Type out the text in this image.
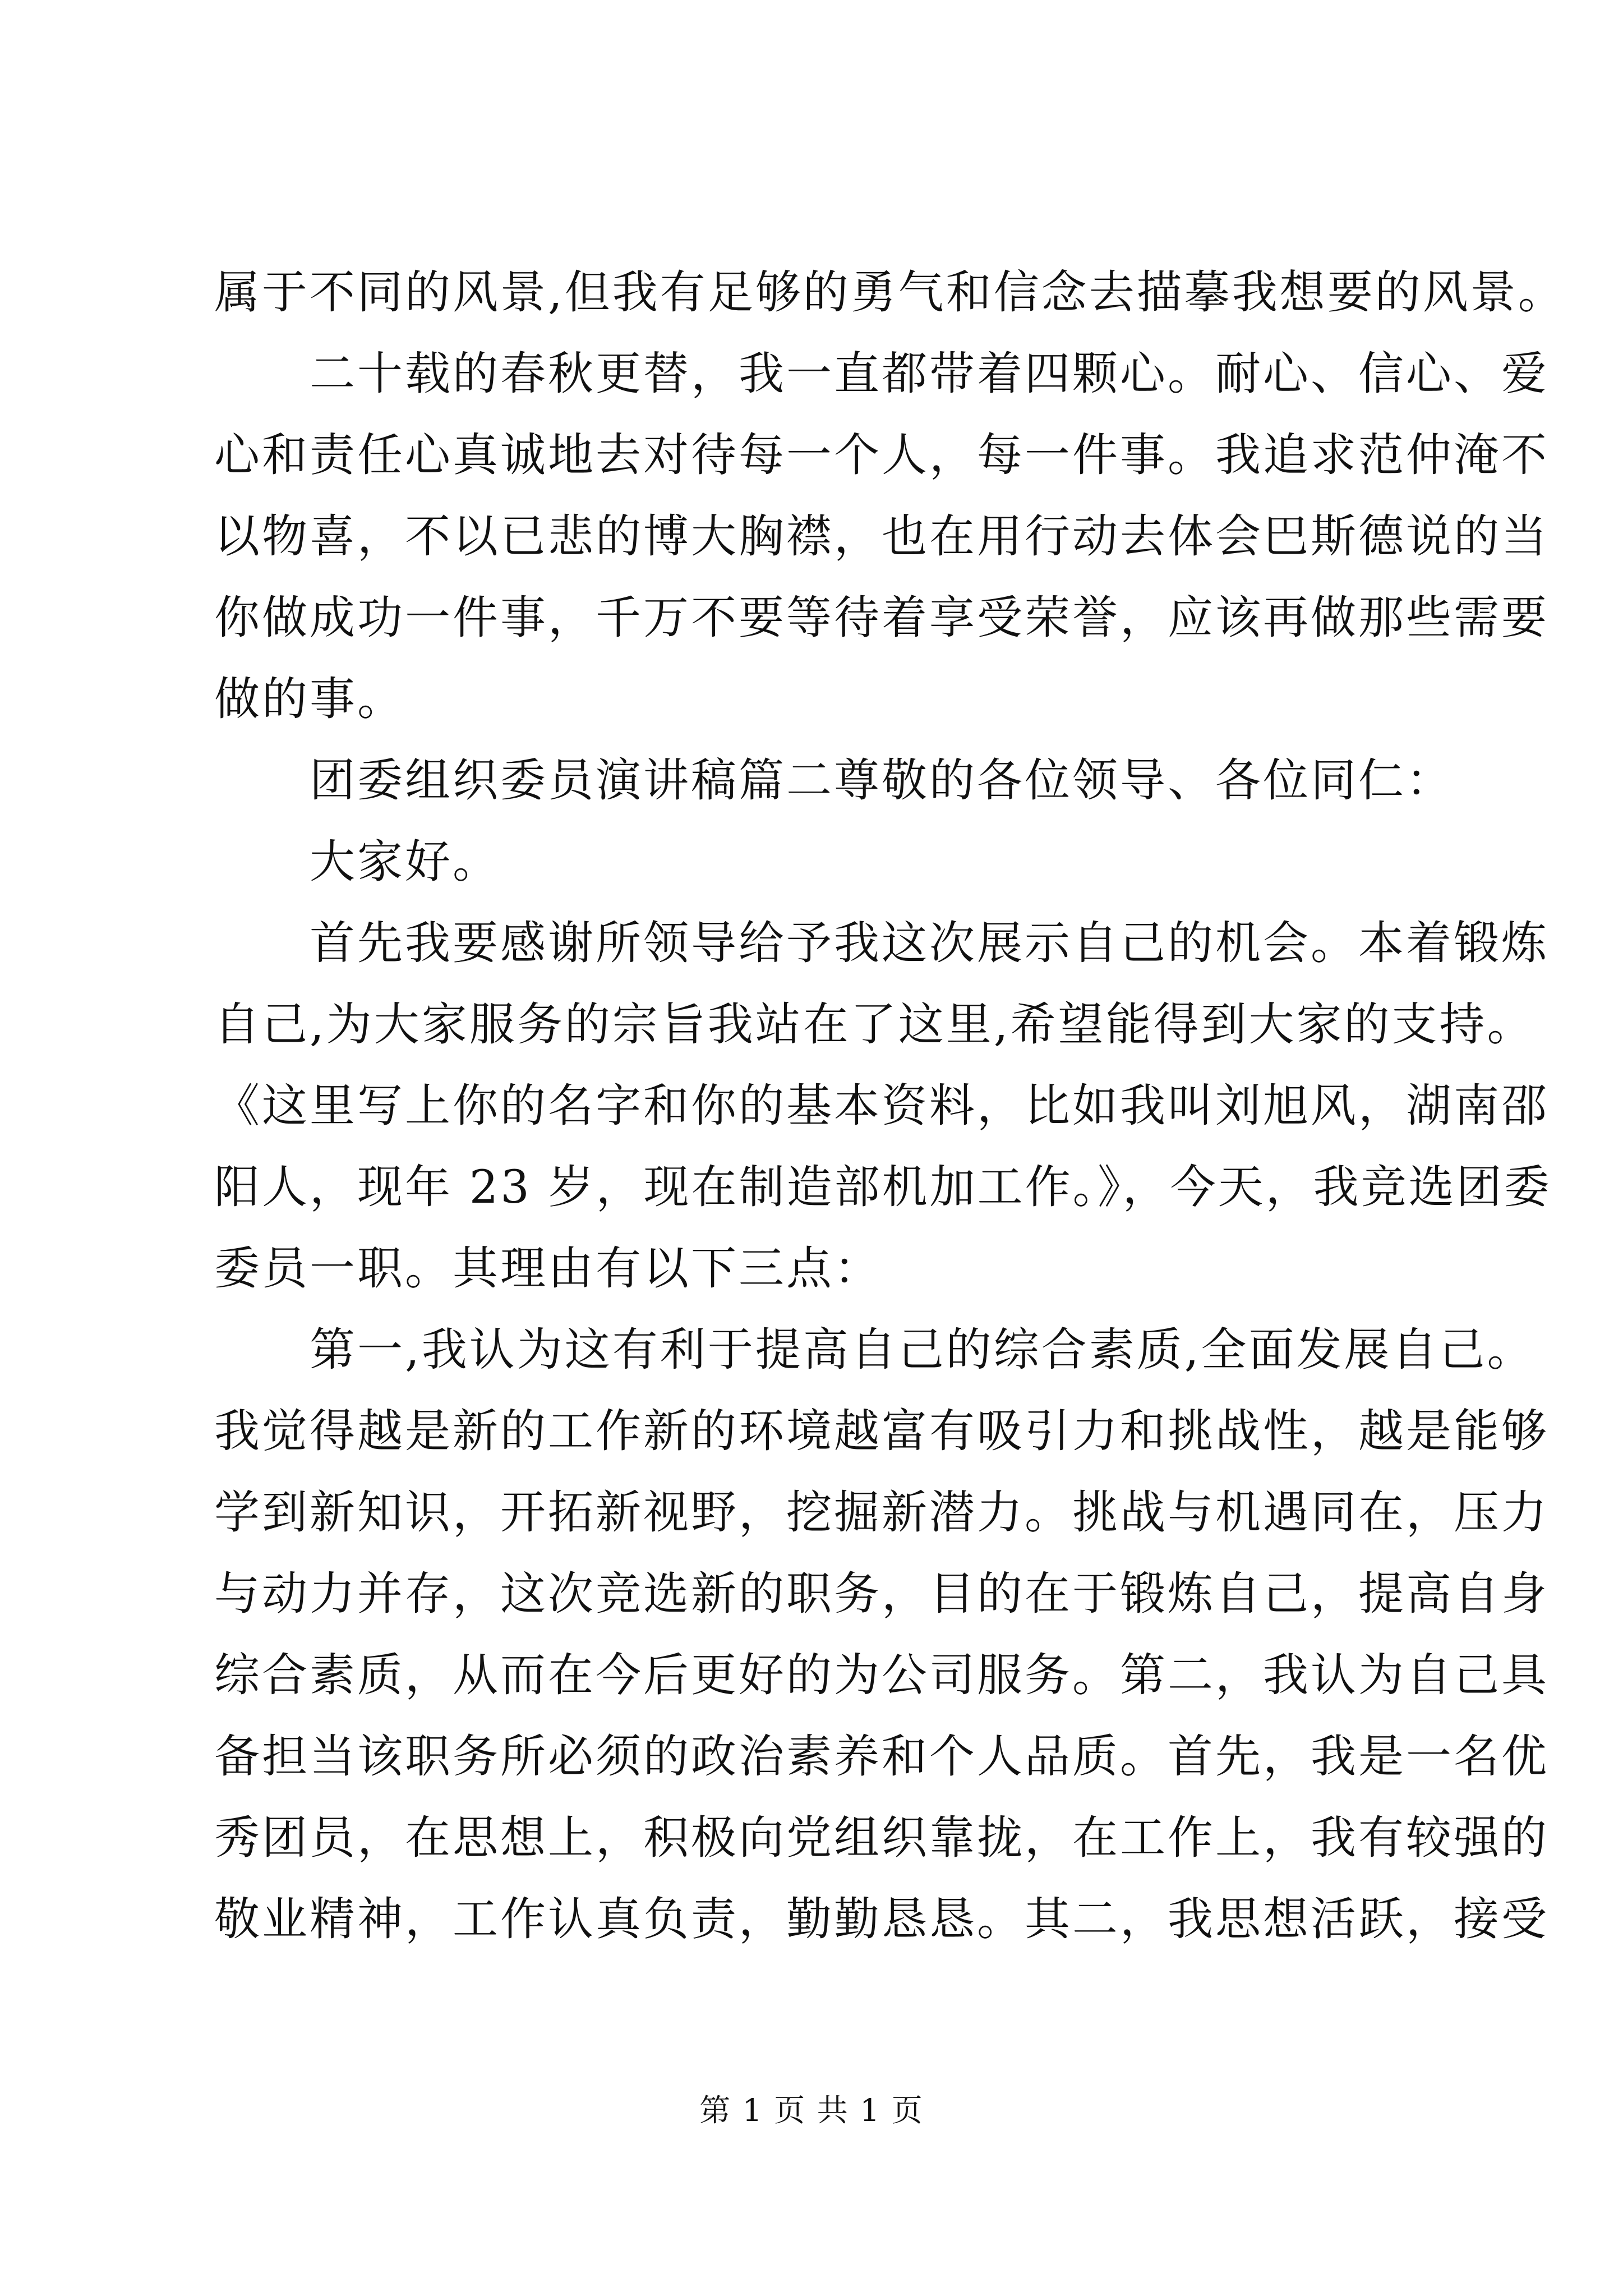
属于不同的风景,但我有足够的勇气和信念去描摹我想要的风景。
二十载的春秋更替，我一直都带着四颗心。耐心、信心、爱
心和责任心真诚地去对待每一个人，每一件事。我追求范仲淹不
以物喜，不以已悲的博大胸襟，也在用行动去体会巴斯德说的当
你做成功一件事，千万不要等待着享受荣誉，应该再做那些需要
做的事。
团委组织委员演讲稿篇二尊敬的各位领导、各位同仁：
大家好。
首先我要感谢所领导给予我这次展示自己的机会。本着锻炼
自己,为大家服务的宗旨我站在了这里,希望能得到大家的支持。
《这里写上你的名字和你的基本资料，比如我叫刘旭风，湖南邵
阳人，现年 23 岁，现在制造部机加工作。》，今天，我竞选团委
委员一职。其理由有以下三点：
第一,我认为这有利于提高自己的综合素质,全面发展自己。
我觉得越是新的工作新的环境越富有吸引力和挑战性，越是能够
学到新知识，开拓新视野，挖掘新潜力。挑战与机遇同在，压力
与动力并存，这次竞选新的职务，目的在于锻炼自己，提高自身
综合素质，从而在今后更好的为公司服务。第二，我认为自己具
备担当该职务所必须的政治素养和个人品质。首先，我是一名优
秀团员，在思想上，积极向党组织靠拢，在工作上，我有较强的
敬业精神，工作认真负责，勤勤恳恳。其二，我思想活跃，接受
第 1 页 共 1 页
